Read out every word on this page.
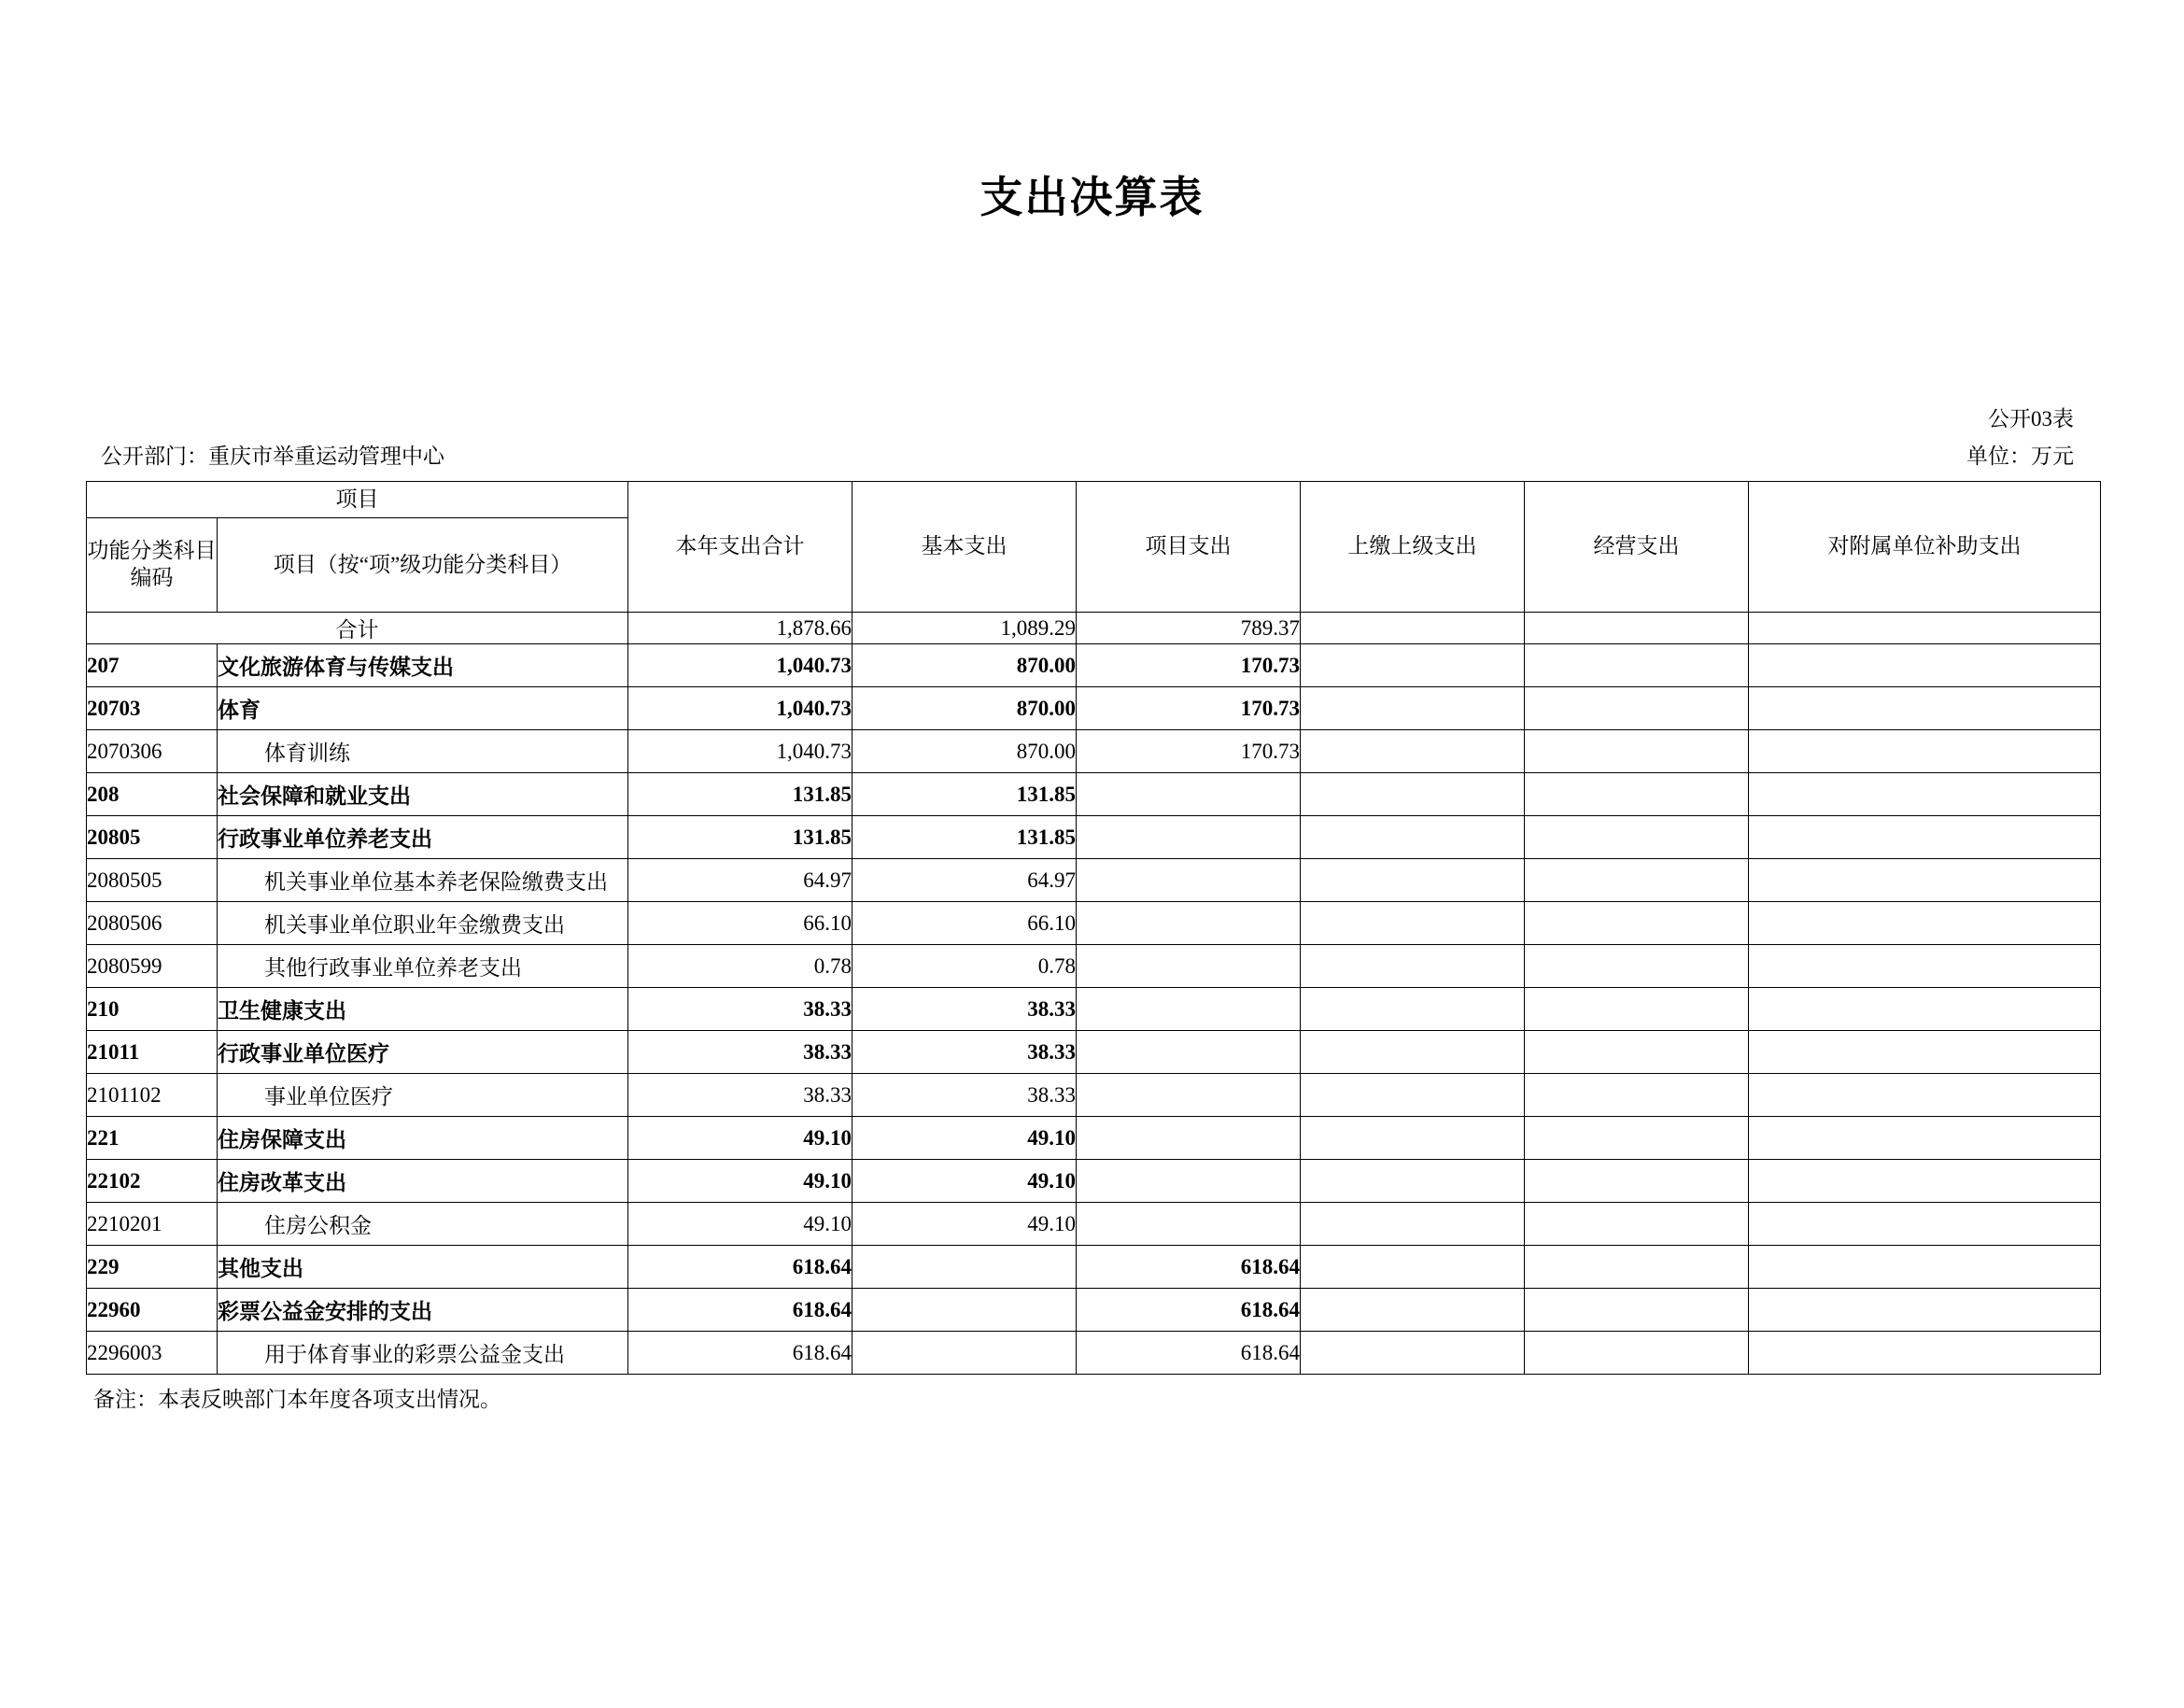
支出决算表
公开03表
公开部门：重庆市举重运动管理中心	单位：万元
项目		本年支出合计	基本支出	项目支出	上缴上级支出	经营支出	对附属单位补助支出
功能分类科目编码	项目（按“项”级功能分类科目）						
合计		1,878.66	1,089.29	789.37			
207	文化旅游体育与传媒支出	1,040.73	870.00	170.73			
20703	体育	1,040.73	870.00	170.73			
2070306	体育训练	1,040.73	870.00	170.73			
208	社会保障和就业支出	131.85	131.85				
20805	行政事业单位养老支出	131.85	131.85				
2080505	机关事业单位基本养老保险缴费支出	64.97	64.97				
2080506	机关事业单位职业年金缴费支出	66.10	66.10				
2080599	其他行政事业单位养老支出	0.78	0.78				
210	卫生健康支出	38.33	38.33				
21011	行政事业单位医疗	38.33	38.33				
2101102	事业单位医疗	38.33	38.33				
221	住房保障支出	49.10	49.10				
22102	住房改革支出	49.10	49.10				
2210201	住房公积金	49.10	49.10				
229	其他支出	618.64		618.64			
22960	彩票公益金安排的支出	618.64		618.64			
2296003	用于体育事业的彩票公益金支出	618.64		618.64			
备注：本表反映部门本年度各项支出情况。
